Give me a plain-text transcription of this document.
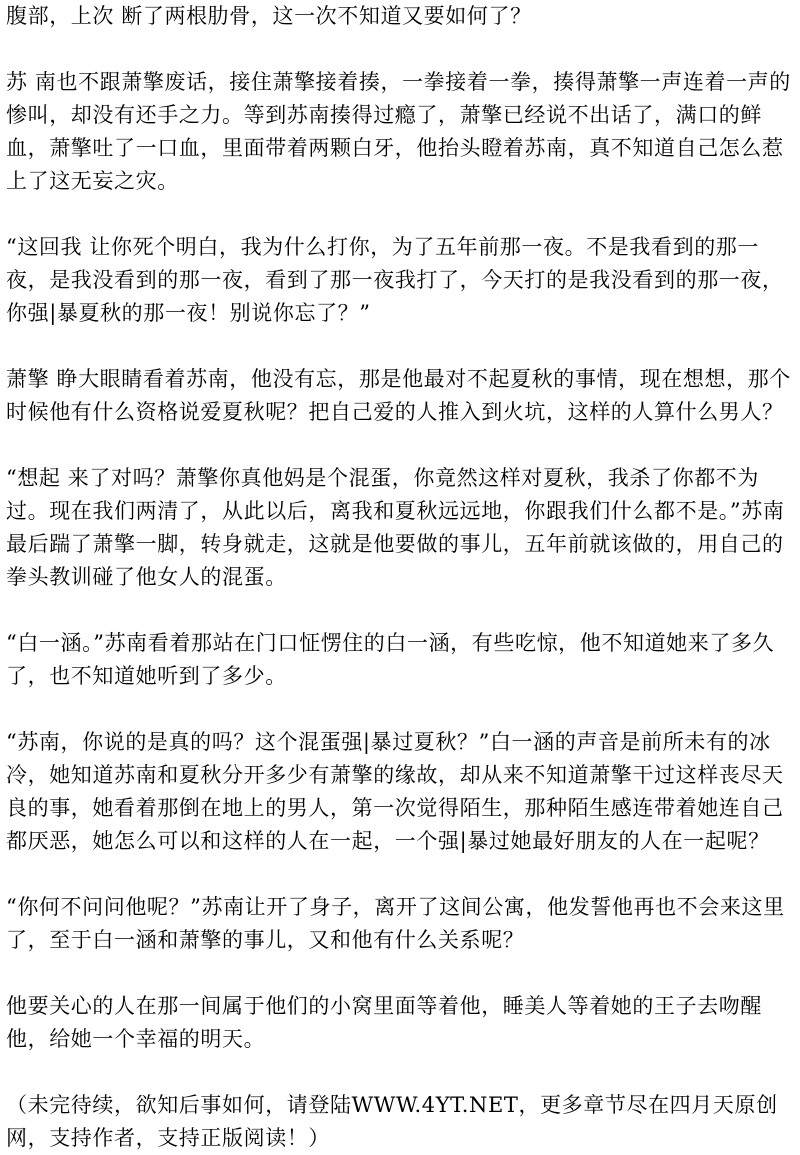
腹部，上次 断了两根肋骨，这一次不知道又要如何了？

苏 南也不跟萧擎废话，接住萧擎接着揍，一拳接着一拳，揍得萧擎一声连着一声的惨叫，却没有还手之力。等到苏南揍得过瘾了，萧擎已经说不出话了，满口的鲜血，萧擎吐了一口血，里面带着两颗白牙，他抬头瞪着苏南，真不知道自己怎么惹上了这无妄之灾。

“这回我 让你死个明白，我为什么打你，为了五年前那一夜。不是我看到的那一夜，是我没看到的那一夜，看到了那一夜我打了，今天打的是我没看到的那一夜，你强|暴夏秋的那一夜！别说你忘了？”

萧擎 睁大眼睛看着苏南，他没有忘，那是他最对不起夏秋的事情，现在想想，那个时候他有什么资格说爱夏秋呢？把自己爱的人推入到火坑，这样的人算什么男人？

“想起 来了对吗？萧擎你真他妈是个混蛋，你竟然这样对夏秋，我杀了你都不为过。现在我们两清了，从此以后，离我和夏秋远远地，你跟我们什么都不是。”苏南最后踹了萧擎一脚，转身就走，这就是他要做的事儿，五年前就该做的，用自己的拳头教训碰了他女人的混蛋。

“白一涵。”苏南看着那站在门口怔愣住的白一涵，有些吃惊，他不知道她来了多久了，也不知道她听到了多少。

“苏南，你说的是真的吗？这个混蛋强|暴过夏秋？”白一涵的声音是前所未有的冰冷，她知道苏南和夏秋分开多少有萧擎的缘故，却从来不知道萧擎干过这样丧尽天良的事，她看着那倒在地上的男人，第一次觉得陌生，那种陌生感连带着她连自己都厌恶，她怎么可以和这样的人在一起，一个强|暴过她最好朋友的人在一起呢？

“你何不问问他呢？”苏南让开了身子，离开了这间公寓，他发誓他再也不会来这里了，至于白一涵和萧擎的事儿，又和他有什么关系呢？

他要关心的人在那一间属于他们的小窝里面等着他，睡美人等着她的王子去吻醒他，给她一个幸福的明天。

（未完待续，欲知后事如何，请登陆WWW.4YT.NET，更多章节尽在四月天原创网，支持作者，支持正版阅读！）
